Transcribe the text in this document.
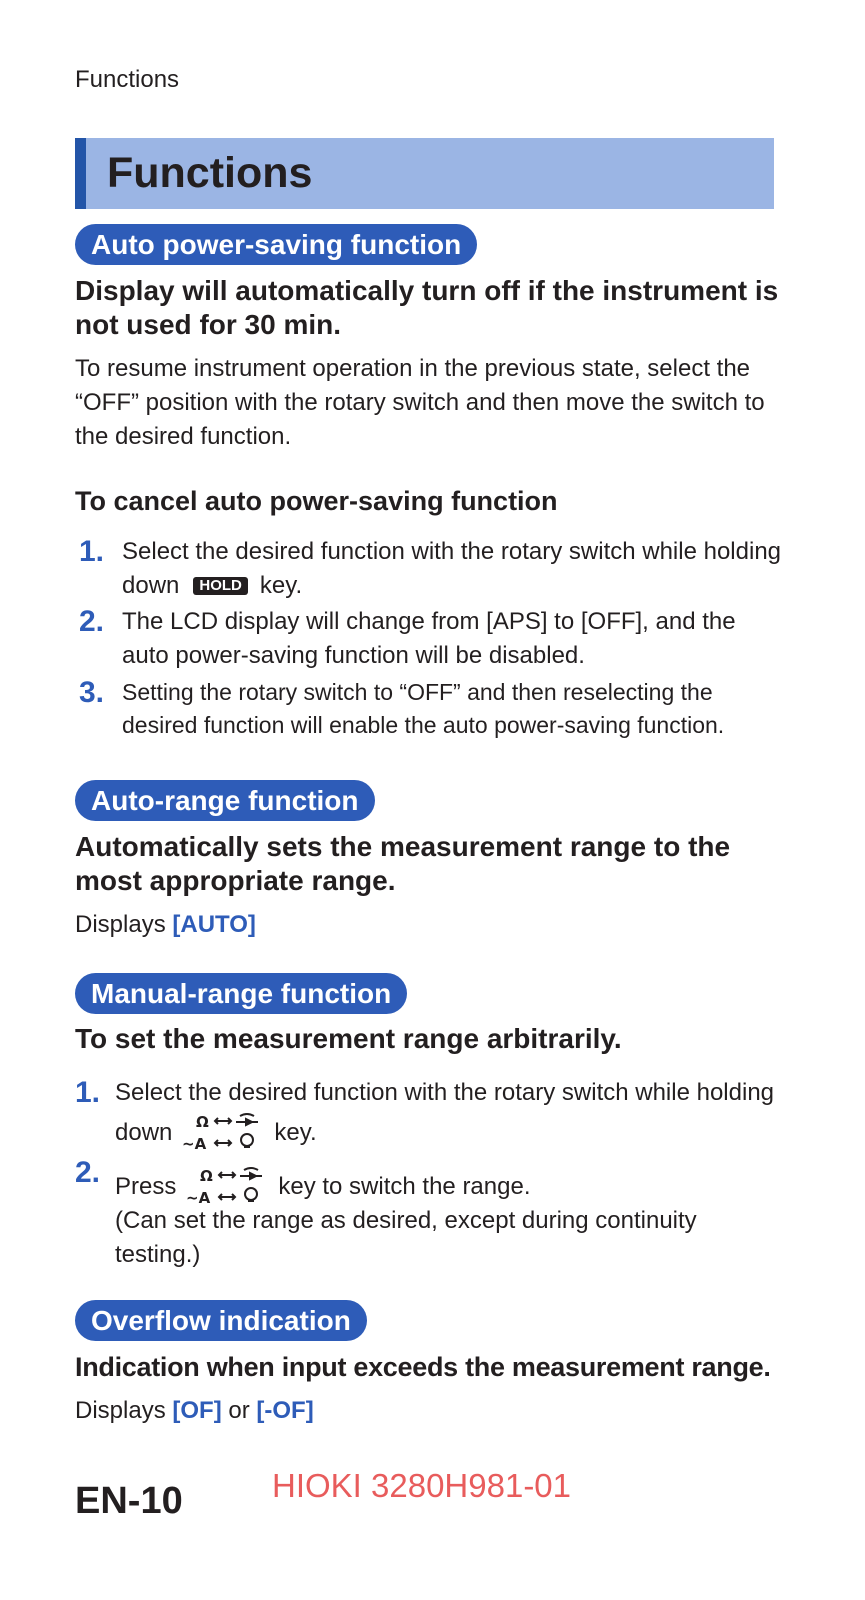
Functions
Functions
Auto power-saving function
Display will automatically turn off if the instrument is not used for 30 min.
To resume instrument operation in the previous state, select the “OFF” position with the rotary switch and then move the switch to the desired function.
To cancel auto power-saving function
1. Select the desired function with the rotary switch while holding down HOLD key.
2. The LCD display will change from [APS] to [OFF], and the auto power-saving function will be disabled.
3. Setting the rotary switch to “OFF” and then reselecting the desired function will enable the auto power-saving function.
Auto-range function
Automatically sets the measurement range to the most appropriate range.
Displays [AUTO]
Manual-range function
To set the measurement range arbitrarily.
1. Select the desired function with the rotary switch while holding down Ω
~A	key.
2. Press Ω
~A	key to switch the range.
(Can set the range as desired, except during continuity testing.)
Overflow indication
Indication when input exceeds the measurement range.
Displays [OF] or [-OF]
EN-10	HIOKI 3280H981-01
